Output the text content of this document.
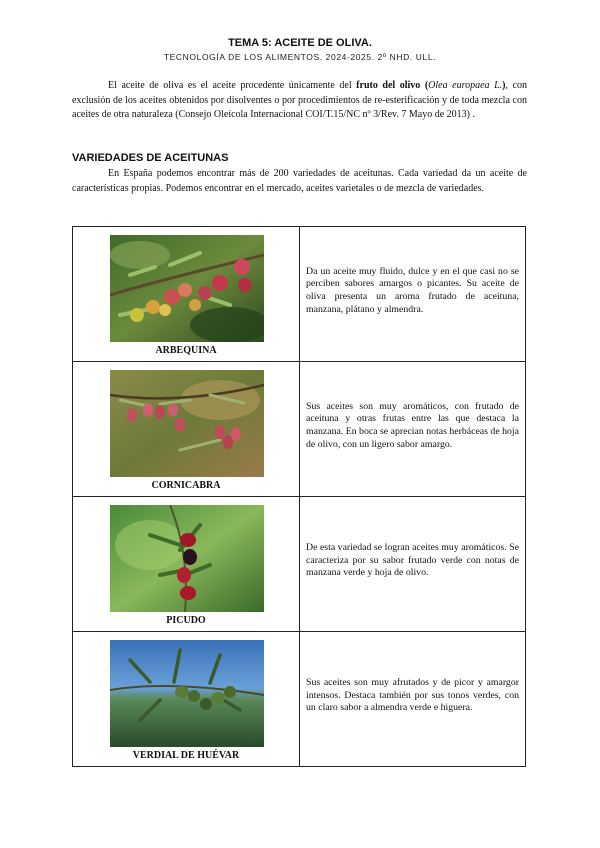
TEMA 5: ACEITE DE OLIVA.
TECNOLOGÍA DE LOS ALIMENTOS. 2024-2025. 2º NHD. ULL.

El aceite de oliva es el aceite procedente únicamente del fruto del olivo (Olea europaea L.), con exclusión de los aceites obtenidos por disolventes o por procedimientos de re-esterificación y de toda mezcla con aceites de otra naturaleza (Consejo Oleícola Internacional COI/T.15/NC nº 3/Rev. 7 Mayo de 2013) .

VARIEDADES DE ACEITUNAS

En España podemos encontrar más de 200 variedades de aceitunas. Cada variedad da un aceite de características propias. Podemos encontrar en el mercado, aceites varietales o de mezcla de variedades.

ARBEQUINA	Da un aceite muy fluido, dulce y en el que casi no se perciben sabores amargos o picantes. Su aceite de oliva presenta un aroma frutado de aceituna, manzana, plátano y almendra.

CORNICABRA	Sus aceites son muy aromáticos, con frutado de aceituna y otras frutas entre las que destaca la manzana. En boca se aprecian notas herbáceas de hoja de olivo, con un ligero sabor amargo.

PICUDO	De esta variedad se logran aceites muy aromáticos. Se caracteriza por su sabor frutado verde con notas de manzana verde y hoja de olivo.

VERDIAL DE HUÉVAR	Sus aceites son muy afrutados y de picor y amargor intensos. Destaca también por sus tonos verdes, con un claro sabor a almendra verde e higuera.
